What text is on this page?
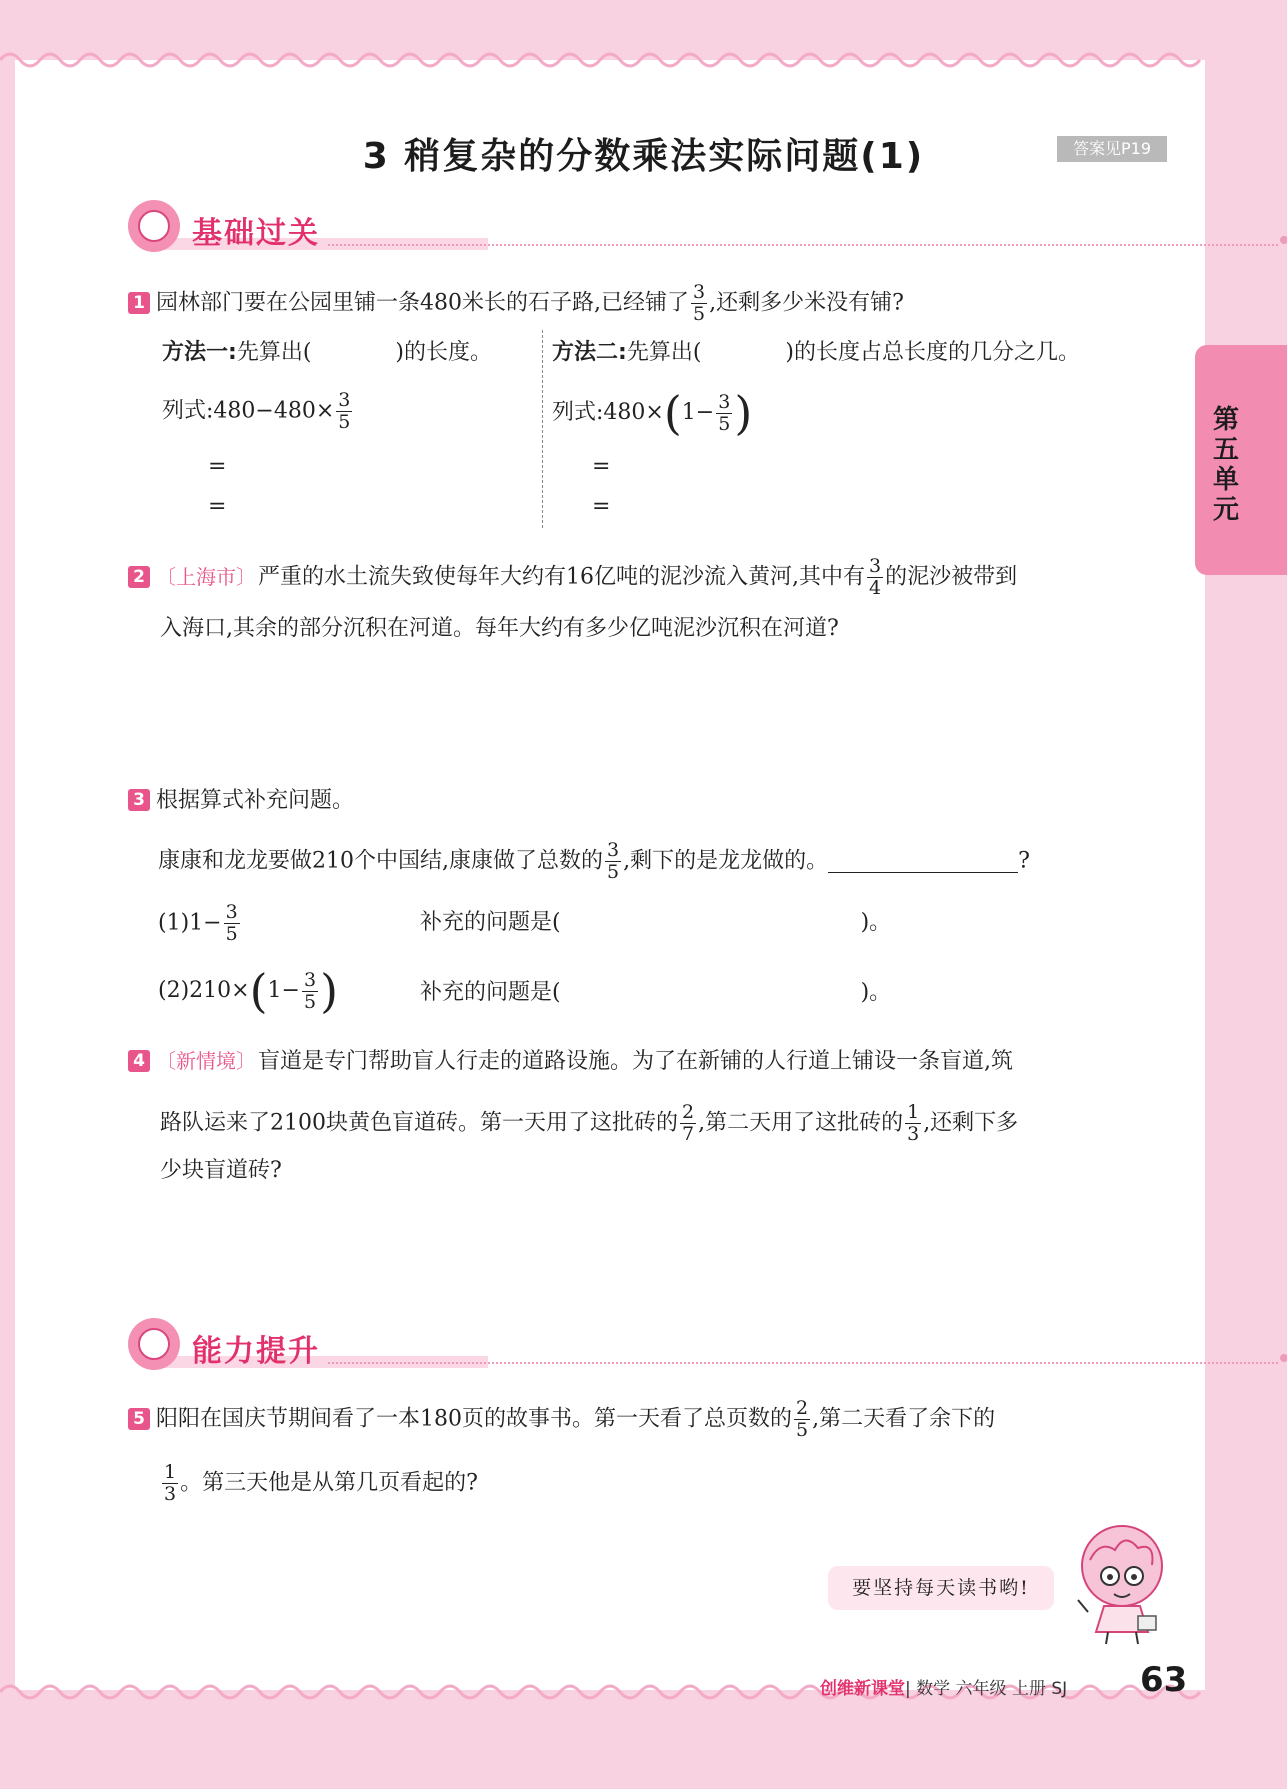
3 稍复杂的分数乘法实际问题(1)	答案见P19
第
五
单
元
基础过关
1 园林部门要在公园里铺一条480米长的石子路,已经铺了 $\frac{3}{5}$ ,还剩多少米没有铺?
方法一:先算出(	)的长度。
列式:480−480× $\frac{3}{5}$
=
=
方法二:先算出(	)的长度占总长度的几分之几。
列式:480×(1− $\frac{3}{5}$ )
=
=
2 〔上海市〕严重的水土流失致使每年大约有16亿吨的泥沙流入黄河,其中有 $\frac{3}{4}$ 的泥沙被带到
入海口,其余的部分沉积在河道。每年大约有多少亿吨泥沙沉积在河道?
3 根据算式补充问题。
康康和龙龙要做210个中国结,康康做了总数的 $\frac{3}{5}$ ,剩下的是龙龙做的。	?
$(1)1- \frac{3}{5}$	补充的问题是(	)。
$(2)210\times(1- \frac{3}{5}$ )	补充的问题是(	)。
4 〔新情境〕盲道是专门帮助盲人行走的道路设施。为了在新铺的人行道上铺设一条盲道,筑
路队运来了2100块黄色盲道砖。第一天用了这批砖的 $\frac{2}{7}$ ,第二天用了这批砖的 $\frac{1}{3}$ ,还剩下多
少块盲道砖?
能力提升
5 阳阳在国庆节期间看了一本180页的故事书。第一天看了总页数的 $\frac{2}{5}$ ,第二天看了余下的
$\frac{1}{3}$ 。第三天他是从第几页看起的?
要坚持每天读书哟!
创维新课堂| 数学 六年级 上册 SJ 63
